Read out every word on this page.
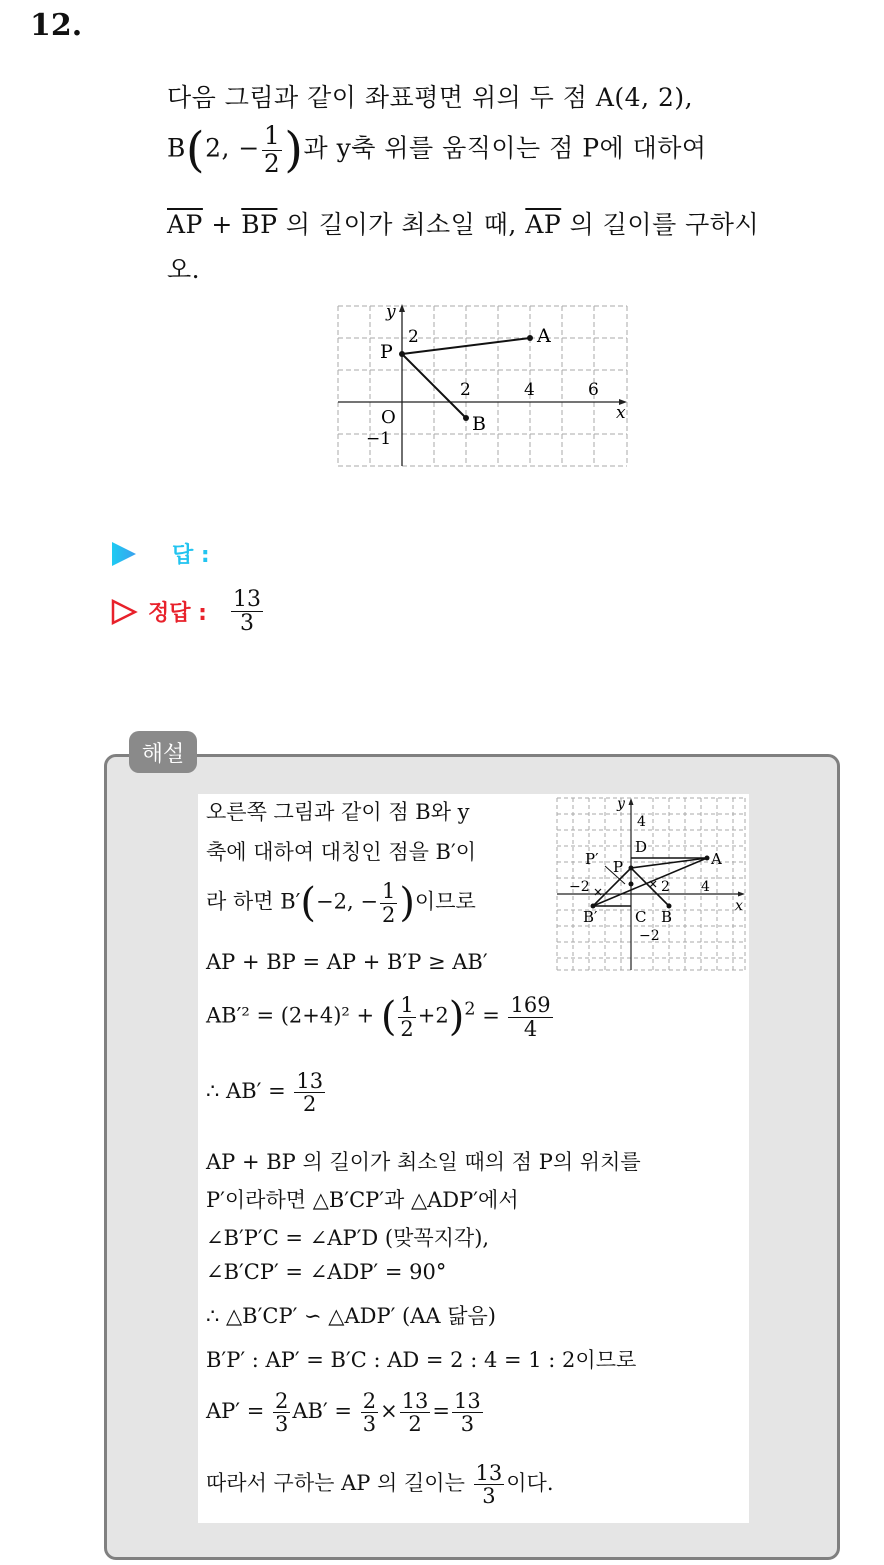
12.
다음 그림과 같이 좌표평면 위의 두 점 A(4, 2),
B(2, − $\frac{1}{2}$ )과 y축 위를 움직이는 점 P에 대하여
$\overline{AP} + \overline{BP}$ 의 길이가 최소일 때, $\overline{AP}$ 의 길이를 구하시
오.
y
x
2
P
A
2	4	6
O	B
−1
답 :
정답 : $\frac{13}{3}$
해설
오른쪽 그림과 같이 점 B와 y
축에 대하여 대칭인 점을 B′이
라 하면 B′(−2, − $\frac{1}{2}$ )이므로
AP + BP = AP + B′P ≥ AB′
AB′² = (2+4)² + ( $\frac{1}{2} +2)^2 = \frac{169}{4}$
∴ $AB' = \frac{13}{2}$
AP + BP 의 길이가 최소일 때의 점 P의 위치를
P′이라하면 △B′CP′과 △ADP′에서
∠B′P′C = ∠AP′D (맞꼭지각),
∠B′CP′ = ∠ADP′ = 90°
∴ △B′CP′ ∽ △ADP′ (AA 닮음)
B′P′ : AP′ = B′C : AD = 2 : 4 = 1 : 2이므로
$AP' = \frac{2}{3} AB' = \frac{2}{3} \times \frac{13}{2} = \frac{13}{3}$
따라서 구하는 AP 의 길이는 $\frac{13}{3}$ 이다.
y
x
4
D
P′ P	A
−2	2 4
B′	C B
−2
